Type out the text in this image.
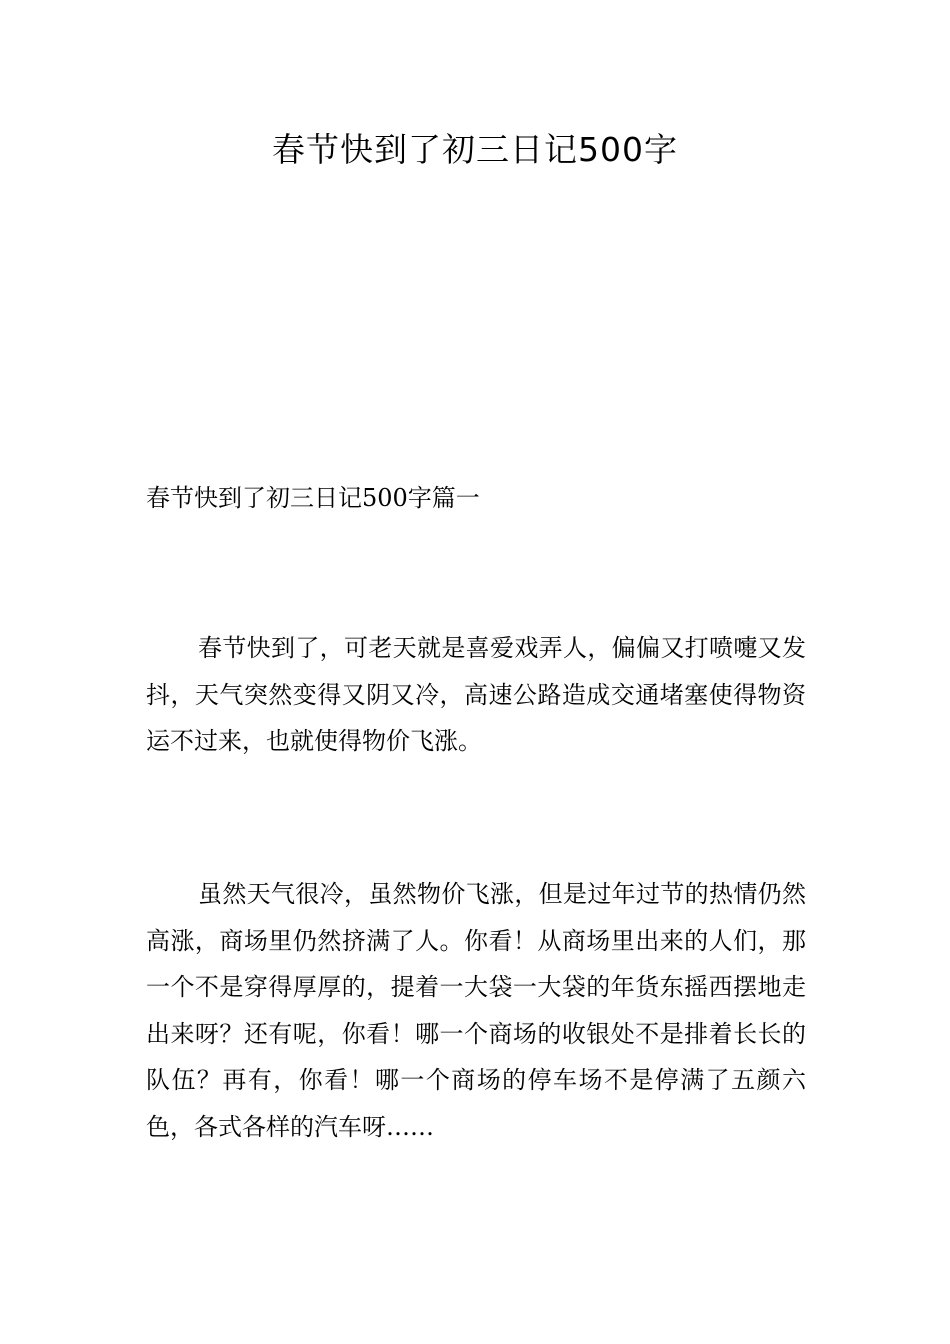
春节快到了初三日记500字
春节快到了初三日记500字篇一

春节快到了，可老天就是喜爱戏弄人，偏偏又打喷嚏又发抖，天气突然变得又阴又冷，高速公路造成交通堵塞使得物资运不过来，也就使得物价飞涨。

虽然天气很冷，虽然物价飞涨，但是过年过节的热情仍然高涨，商场里仍然挤满了人。你看！从商场里出来的人们，那一个不是穿得厚厚的，提着一大袋一大袋的年货东摇西摆地走出来呀？还有呢，你看！哪一个商场的收银处不是排着长长的队伍？再有，你看！哪一个商场的停车场不是停满了五颜六色，各式各样的汽车呀……
